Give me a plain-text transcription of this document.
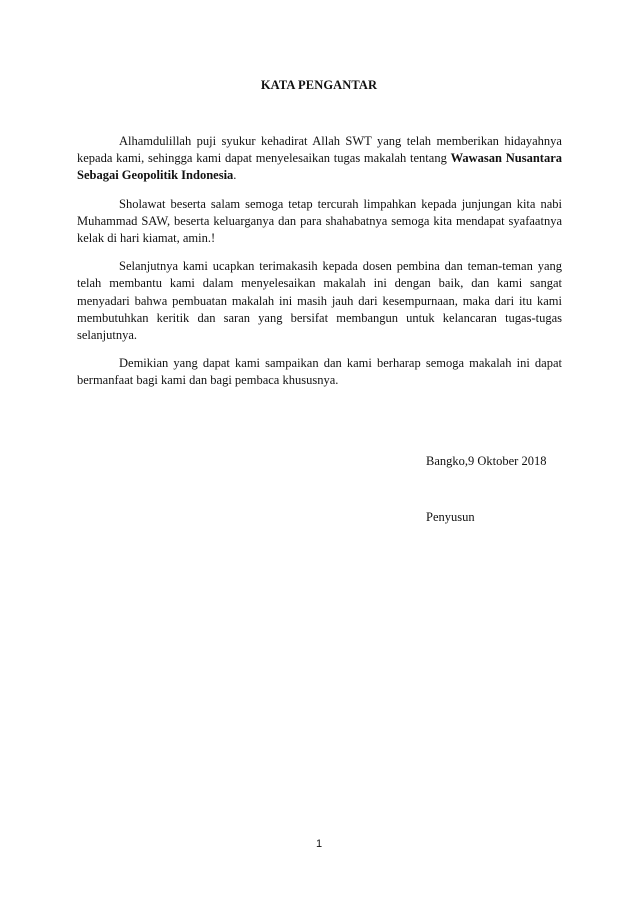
KATA PENGANTAR

Alhamdulillah puji syukur kehadirat Allah SWT yang telah memberikan hidayahnya kepada kami, sehingga kami dapat menyelesaikan tugas makalah tentang Wawasan Nusantara Sebagai Geopolitik Indonesia.

Sholawat beserta salam semoga tetap tercurah limpahkan kepada junjungan kita nabi Muhammad SAW, beserta keluarganya dan para shahabatnya semoga kita mendapat syafaatnya kelak di hari kiamat, amin.!

Selanjutnya kami ucapkan terimakasih kepada dosen pembina dan teman-teman yang telah membantu kami dalam menyelesaikan makalah ini dengan baik, dan kami sangat menyadari bahwa pembuatan makalah ini masih jauh dari kesempurnaan, maka dari itu kami membutuhkan keritik dan saran yang bersifat membangun untuk kelancaran tugas-tugas selanjutnya.

Demikian yang dapat kami sampaikan dan kami berharap semoga makalah ini dapat bermanfaat bagi kami dan bagi pembaca khususnya.

Bangko,9 Oktober 2018
Penyusun
1
